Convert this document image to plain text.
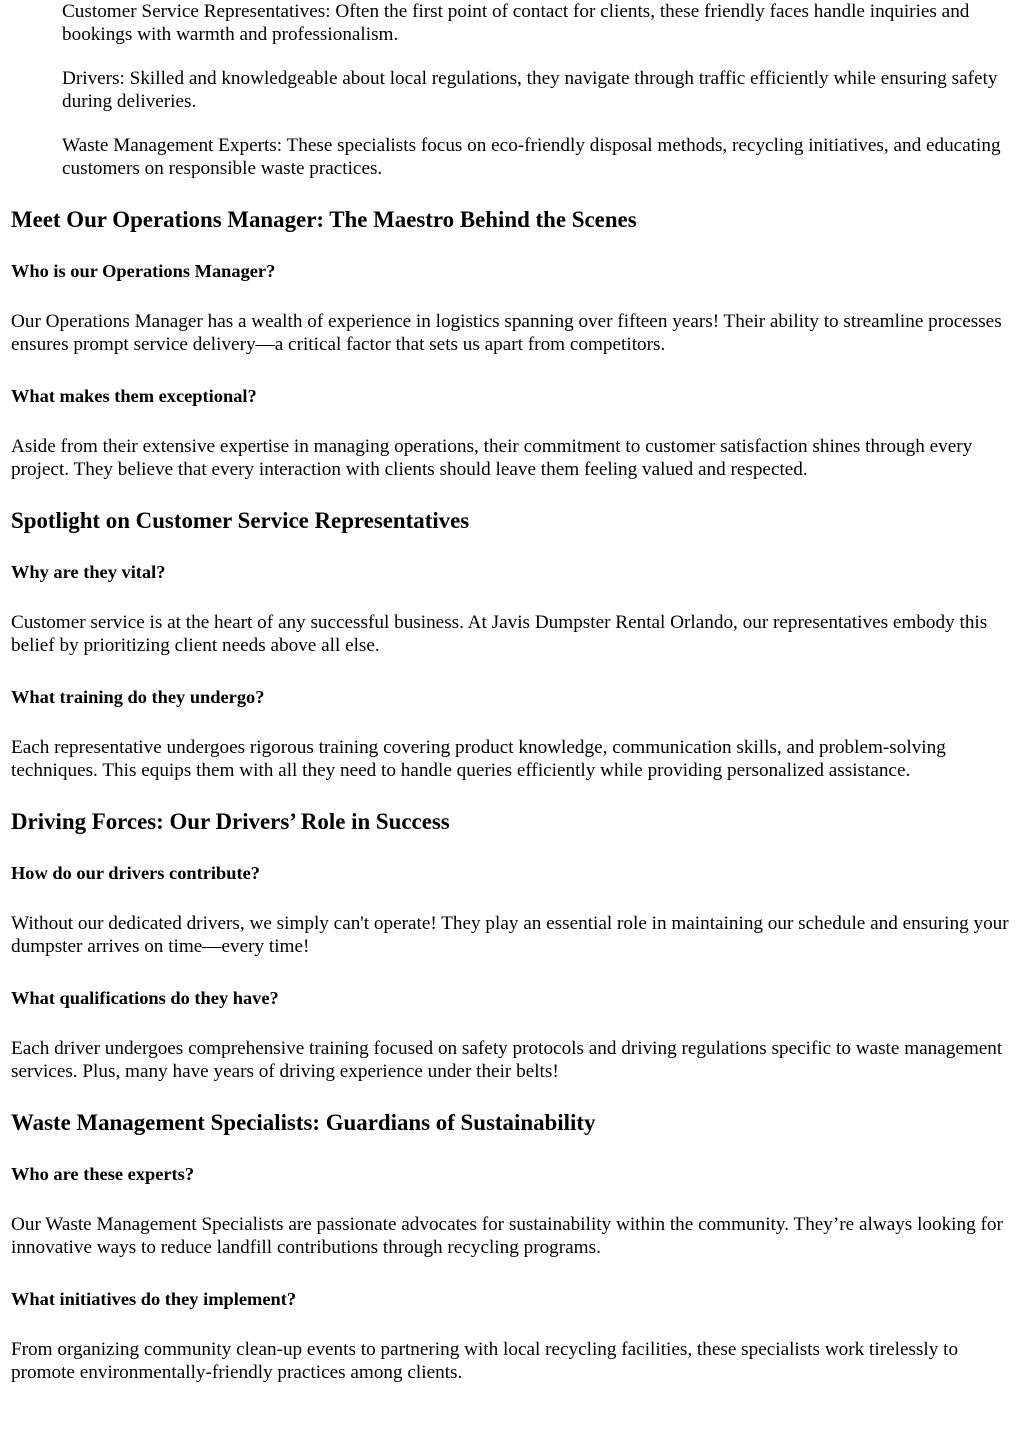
Customer Service Representatives: Often the first point of contact for clients, these friendly faces handle inquiries and bookings with warmth and professionalism.
Drivers: Skilled and knowledgeable about local regulations, they navigate through traffic efficiently while ensuring safety during deliveries.
Waste Management Experts: These specialists focus on eco-friendly disposal methods, recycling initiatives, and educating customers on responsible waste practices.
Meet Our Operations Manager: The Maestro Behind the Scenes
Who is our Operations Manager?

Our Operations Manager has a wealth of experience in logistics spanning over fifteen years! Their ability to streamline processes ensures prompt service delivery—a critical factor that sets us apart from competitors.

What makes them exceptional?

Aside from their extensive expertise in managing operations, their commitment to customer satisfaction shines through every project. They believe that every interaction with clients should leave them feeling valued and respected.

Spotlight on Customer Service Representatives
Why are they vital?

Customer service is at the heart of any successful business. At Javis Dumpster Rental Orlando, our representatives embody this belief by prioritizing client needs above all else.

What training do they undergo?

Each representative undergoes rigorous training covering product knowledge, communication skills, and problem-solving techniques. This equips them with all they need to handle queries efficiently while providing personalized assistance.

Driving Forces: Our Drivers’ Role in Success
How do our drivers contribute?

Without our dedicated drivers, we simply can't operate! They play an essential role in maintaining our schedule and ensuring your dumpster arrives on time—every time!

What qualifications do they have?

Each driver undergoes comprehensive training focused on safety protocols and driving regulations specific to waste management services. Plus, many have years of driving experience under their belts!

Waste Management Specialists: Guardians of Sustainability
Who are these experts?

Our Waste Management Specialists are passionate advocates for sustainability within the community. They’re always looking for innovative ways to reduce landfill contributions through recycling programs.

What initiatives do they implement?

From organizing community clean-up events to partnering with local recycling facilities, these specialists work tirelessly to promote environmentally-friendly practices among clients.
